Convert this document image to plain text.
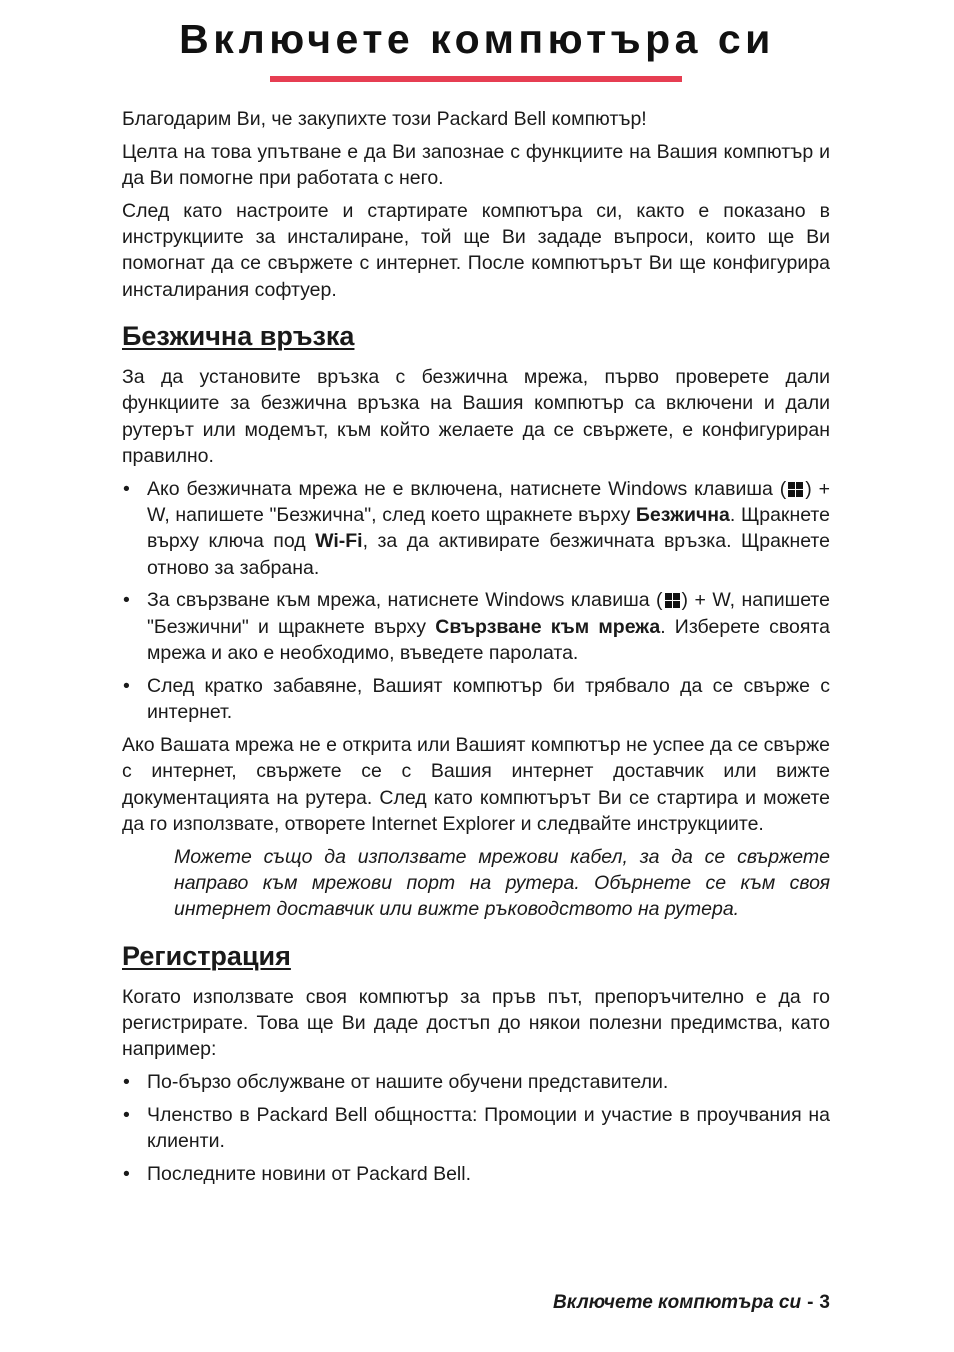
Включете компютъра си

Благодарим Ви, че закупихте този Packard Bell компютър!

Целта на това упътване е да Ви запознае с функциите на Вашия компютър и да Ви помогне при работата с него.

След като настроите и стартирате компютъра си, както е показано в инструкциите за инсталиране, той ще Ви зададе въпроси, които ще Ви помогнат да се свържете с интернет. После компютърът Ви ще конфигурира инсталирания софтуер.

Безжична връзка

За да установите връзка с безжична мрежа, първо проверете дали функциите за безжична връзка на Вашия компютър са включени и дали рутерът или модемът, към който желаете да се свържете, е конфигуриран правилно.

• Ако безжичната мрежа не е включена, натиснете Windows клавиша ( ) + W, напишете "Безжична", след което щракнете върху Безжична. Щракнете върху ключа под Wi-Fi, за да активирате безжичната връзка. Щракнете отново за забрана.
• За свързване към мрежа, натиснете Windows клавиша ( ) + W, напишете "Безжични" и щракнете върху Свързване към мрежа. Изберете своята мрежа и ако е необходимо, въведете паролата.
• След кратко забавяне, Вашият компютър би трябвало да се свърже с интернет.

Ако Вашата мрежа не е открита или Вашият компютър не успее да се свърже с интернет, свържете се с Вашия интернет доставчик или вижте документацията на рутера. След като компютърът Ви се стартира и можете да го използвате, отворете Internet Explorer и следвайте инструкциите.

Можете също да използвате мрежови кабел, за да се свържете направо към мрежови порт на рутера. Обърнете се към своя интернет доставчик или вижте ръководството на рутера.

Регистрация

Когато използвате своя компютър за пръв път, препоръчително е да го регистрирате. Това ще Ви даде достъп до някои полезни предимства, като например:

• По-бързо обслужване от нашите обучени представители.
• Членство в Packard Bell общността: Промоции и участие в проучвания на клиенти.
• Последните новини от Packard Bell.
Включете компютъра си - 3
